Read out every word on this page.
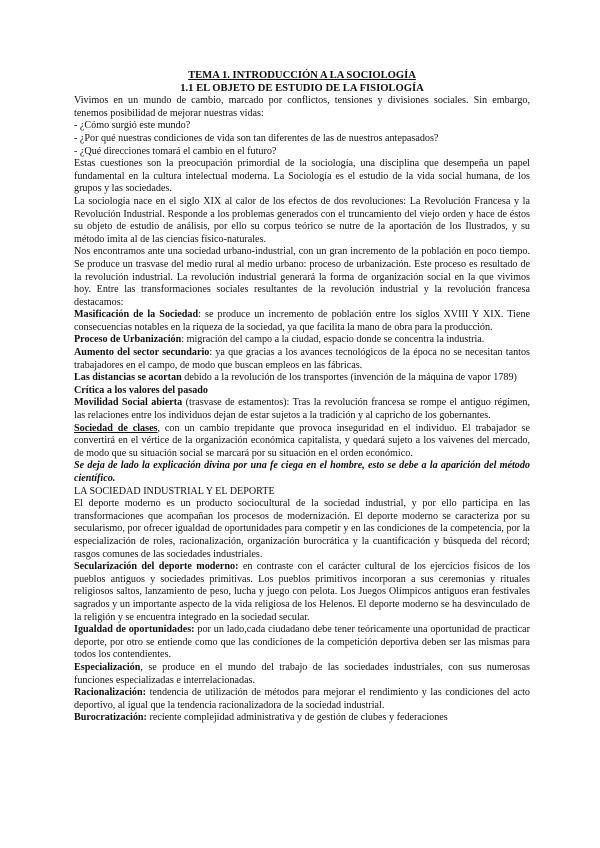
TEMA 1. INTRODUCCIÓN A LA SOCIOLOGÍA
1.1 EL OBJETO DE ESTUDIO DE LA FISIOLOGÍA

Vivimos en un mundo de cambio, marcado por conflictos, tensiones y divisiones sociales. Sin embargo, tenemos posibilidad de mejorar nuestras vidas:

- ¿Cómo surgió este mundo?

- ¿Por qué nuestras condiciones de vida son tan diferentes de las de nuestros antepasados?

- ¿Qué direcciones tomará el cambio en el futuro?

Estas cuestiones son la preocupación primordial de la sociología, una disciplina que desempeña un papel fundamental en la cultura intelectual moderna. La Sociología es el estudio de la vida social humana, de los grupos y las sociedades.

La sociología nace en el siglo XIX al calor de los efectos de dos revoluciones: La Revolución Francesa y la Revolución Industrial. Responde a los problemas generados con el truncamiento del viejo orden y hace de éstos su objeto de estudio de análisis, por ello su corpus teórico se nutre de la aportación de los Ilustrados, y su método imita al de las ciencias físico-naturales.

Nos encontramos ante una sociedad urbano-industrial, con un gran incremento de la población en poco tiempo. Se produce un trasvase del medio rural al medio urbano: proceso de urbanización. Este proceso es resultado de la revolución industrial. La revolución industrial generará la forma de organización social en la que vivimos hoy. Entre las transformaciones sociales resultantes de la revolución industrial y la revolución francesa destacamos:

Masificación de la Sociedad: se produce un incremento de población entre los siglos XVIII Y XIX. Tiene consecuencias notables en la riqueza de la sociedad, ya que facilita la mano de obra para la producción.

Proceso de Urbanización: migración del campo a la ciudad, espacio donde se concentra la industria.

Aumento del sector secundario: ya que gracias a los avances tecnológicos de la época no se necesitan tantos trabajadores en el campo, de modo que buscan empleos en las fábricas.

Las distancias se acortan debido a la revolución de los transportes (invención de la máquina de vapor 1789)

Crítica a los valores del pasado

Movilidad Social abierta (trasvase de estamentos): Tras la revolución francesa se rompe el antiguo régimen, las relaciones entre los individuos dejan de estar sujetos a la tradición y al capricho de los gobernantes.

Sociedad de clases, con un cambio trepidante que provoca inseguridad en el individuo. El trabajador se convertirá en el vértice de la organización económica capitalista, y quedará sujeto a los vaivenes del mercado, de modo que su situación social se marcará por su situación en el orden económico.

Se deja de lado la explicación divina por una fe ciega en el hombre, esto se debe a la aparición del método científico.

LA SOCIEDAD INDUSTRIAL Y EL DEPORTE

El deporte moderno es un producto sociocultural de la sociedad industrial, y por ello participa en las transformaciones que acompañan los procesos de modernización. El deporte moderno se caracteriza por su secularismo, por ofrecer igualdad de oportunidades para competir y en las condiciones de la competencia, por la especialización de roles, racionalización, organización burocrática y la cuantificación y búsqueda del récord; rasgos comunes de las sociedades industriales.

Secularización del deporte moderno: en contraste con el carácter cultural de los ejercicios físicos de los pueblos antiguos y sociedades primitivas. Los pueblos primitivos incorporan a sus ceremonias y rituales religiosos saltos, lanzamiento de peso, lucha y juego con pelota. Los Juegos Olímpicos antiguos eran festivales sagrados y un importante aspecto de la vida religiosa de los Helenos. El deporte moderno se ha desvinculado de la religión y se encuentra integrado en la sociedad secular.

Igualdad de oportunidades: por un lado,cada ciudadano debe tener teóricamente una oportunidad de practicar deporte, por otro se entiende como que las condiciones de la competición deportiva deben ser las mismas para todos los contendientes.

Especialización, se produce en el mundo del trabajo de las sociedades industriales, con sus numerosas funciones especializadas e interrelacionadas.

Racionalización: tendencia de utilización de métodos para mejorar el rendimiento y las condiciones del acto deportivo, al igual que la tendencia racionalizadora de la sociedad industrial.

Burocratización: reciente complejidad administrativa y de gestión de clubes y federaciones
